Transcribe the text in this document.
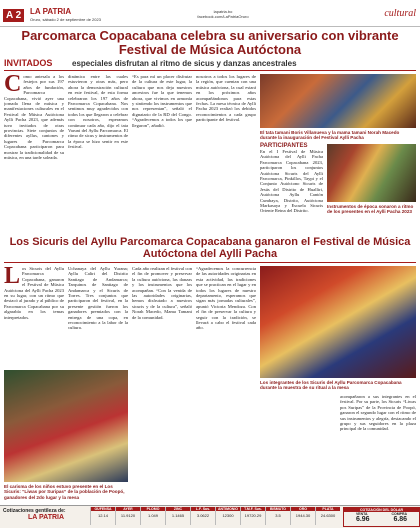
A 2	LA PATRIA
Oruro, sábado 2 de septiembre de 2023
lapatria.bo
facebook.com/LaPatriaOruro	cultural
Parcomarca Copacabana celebra su aniversario con vibrante Festival de Música Autóctona
INVITADOS especiales disfrutan al ritmo de sicus y danzas ancestrales
Como antesala a los festejos por sus 197 años de fundación, Parcomarca Copacabana, vivió ayer una jornada llena de música y manifestaciones culturales en el Festival de Música Autóctona Aylli Pacha 2023, que además tuvo invitados de otras provincias. Siete conjuntos de diferentes ayllus, cantones y lugares de Parcomarca Copacabana participaron para mostrar la tradicionalidad de su música, en una tarde soleada.
dinámica entre las cuales estuvieron y otras más, pero ahora la demostración cultural en este festival, de esta forma celebraron los 197 años de Parcomarca Copacabana. Nos sentimos muy agradecidos con todos los que llegaron a celebrar con nosotros, esperamos continuar cada año, dijo el tata Varuni del Ayllu Parcomarca. El ritmo de sicus y instrumentos de la época se hizo sentir en este festival.
“Es para mí un placer disfrutar de la cultura de este lugar, la cultura que nos deja nuestros ancestros fue la que tenemos ahora, que vivimos en armonía y sintiendo los instrumentos que nos representan”, señaló el dignatario de la RD del Congo. “Agradecemos a todos los que llegaron”, añadió.
nosotros a todos los lugares de la región, que cuentan con una música autóctona, la cual estará en los próximos años acompañándonos para estas fechas. La mesa técnica de Aylli Pacha 2023 realizó los debidos reconocimientos a cada grupo participante del festival.
El tata tamani Boris Villanueva y la mama tamani Norah Macedo durante la inauguración del Festival Aylli Pacha
PARTICIPANTES
En el I Festival de Música Autóctona del Aylli Pacha Parcomarca Copacabana 2023, participaron los conjuntos Autóctona Sicuris del Aylli Parcomarca, Pinkillos, Taypi y el Conjunto Autóctono Sicuris de Jesús del Distrito de Hualliri, Autóctona Ayllu Cantón Cumbaya, Distrito, Autóctona Markasaya y Escuela Sicuris Oriente Reina del Distrito.
Instrumentos de época sonaron a ritmo de los presentes en el Aylli Pacha 2023
Los Sicuris del Ayllu Parcomarca Copacabana ganaron el Festival de Música Autóctona del Aylli Pacha
Los Sicuris del Ayllu Parcomarca Copacabana, ganaron el Festival de Música Autóctona del Aylli Pacha 2023 en su lugar, con un ritmo que destacó al jurado y al público de Parcomarca Copacabana por su algarabía en los temas interpretados.
Uchanaya del Ayllu Yurana; Ayllu Caliri del Distrito Santiago de Andamarca; Tarquinos de Santiago de Andamarca y el Sicuris de Torres. Tres conjuntos que participaron del festival, en la presente gestión fueron los ganadores premiados con la entrega de una copa, en reconocimiento a la labor de la cultura.
Cada año realizan el festival con el fin de promover y preservar la cultura autóctona, las danzas y los instrumentos que los acompañan. “Con la venida de las autoridades originarias, hemos disfrutado a nuestros sicuris y de la cultura”, señaló Norah Macedo, Mama Tamani de la comunidad.
“Agradecemos la concurrencia de las autoridades originarias en esta actividad, las tradiciones que se practican en el lugar y en todos los lugares de nuestro departamento, esperamos que sigan más jornadas culturales”, apuntó Victoria Mendoza. Con el fin de preservar la cultura y seguir con la tradición, se llevará a cabo el festival cada año.
El carisma de los niños estuvo presente en el Los Sicuris: “Liwas por Suripas” de la población de Poopó, ganadores del 2do lugar y la mesa
Los integrantes de los Sicuris del Ayllu Parcomarca Copacabana durante la muestra de su ritual a la mesa
acompañaron a sus integrantes en el festival. Por su parte, los Sicuris “Liwas pos Suripas” de la Provincia de Poopó, ganaron el segundo lugar con el ritmo de sus instrumentos y alegría, destacando el grupo y sus seguidores en la plaza principal de la comunidad.
Cotizaciones gentileza de:
LA PATRIA
OUFENSA
12.14
AYER
11.9120
PLOMO
1.049
ZINC
1.1465
L.F. Sus.
3.0622
ANTIMONIO
12300
T.M.F. Sus.
19720.29
BISMUTO
3.5
ORO
1944.30
PLATA
24.6300
COTIZACIÓN DEL DÓLAR
VENTA	COMPRA
6.96	6.86
